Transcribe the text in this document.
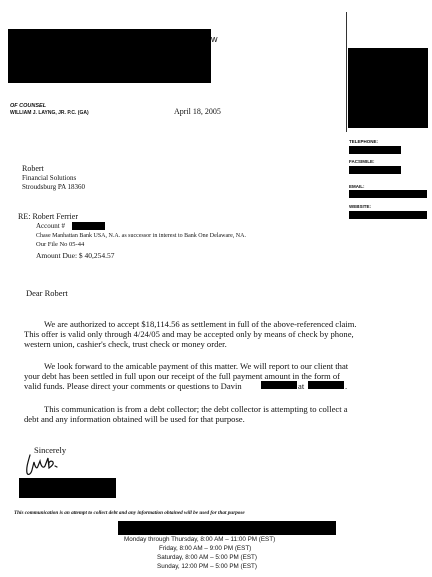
w
OF COUNSEL
WILLIAM J. LAYNG, JR. P.C. (GA)	April 18, 2005
TELEPHONE:
FACSIMILE:
EMAIL:
WEBSITE:
Robert
Financial Solutions
Stroudsburg PA 18360
RE: Robert Ferrier
Account #
Chase Manhattan Bank USA, N.A. as successor in interest to Bank One Delaware, NA.
Our File No 05-44
Amount Due: $ 40,254.57
Dear Robert
We are authorized to accept $18,114.56 as settlement in full of the above-referenced claim.
This offer is valid only through 4/24/05 and may be accepted only by means of check by phone,
western union, cashier's check, trust check or money order.
We look forward to the amicable payment of this matter. We will report to our client that
your debt has been settled in full upon our receipt of the full payment amount in the form of
valid funds. Please direct your comments or questions to Davin	at	.
This communication is from a debt collector; the debt collector is attempting to collect a
debt and any information obtained will be used for that purpose.
Sincerely
This communication is an attempt to collect debt and any information obtained will be used for that purpose
Monday through Thursday, 8:00 AM – 11:00 PM (EST)
Friday, 8:00 AM – 9:00 PM (EST)
Saturday, 8:00 AM – 5:00 PM (EST)
Sunday, 12:00 PM – 5:00 PM (EST)
